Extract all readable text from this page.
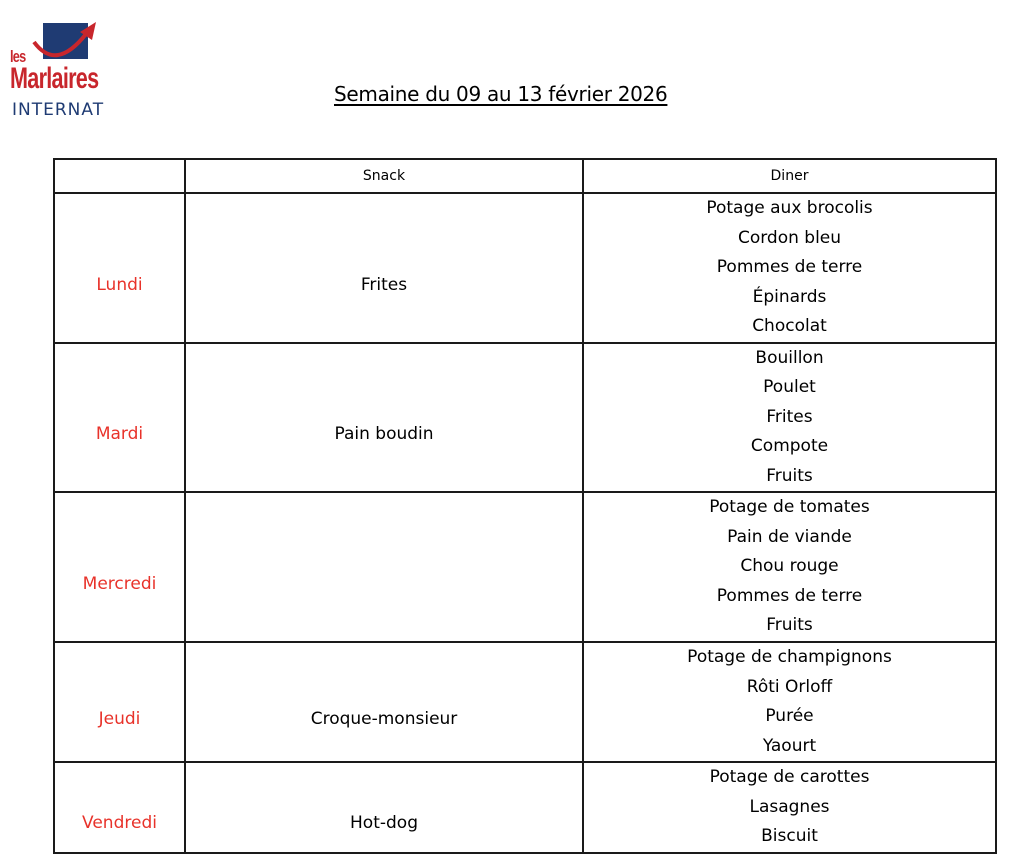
les
Marlaires
INTERNAT
Semaine du 09 au 13 février 2026
	Snack	Diner

Lundi	Frites	Potage aux brocolis
Cordon bleu
Pommes de terre
Épinards
Chocolat

Mardi	Pain boudin	Bouillon
Poulet
Frites
Compote
Fruits

Mercredi		Potage de tomates
Pain de viande
Chou rouge
Pommes de terre
Fruits

Jeudi	Croque-monsieur	Potage de champignons
Rôti Orloff
Purée
Yaourt

Vendredi	Hot-dog	Potage de carottes
Lasagnes
Biscuit
